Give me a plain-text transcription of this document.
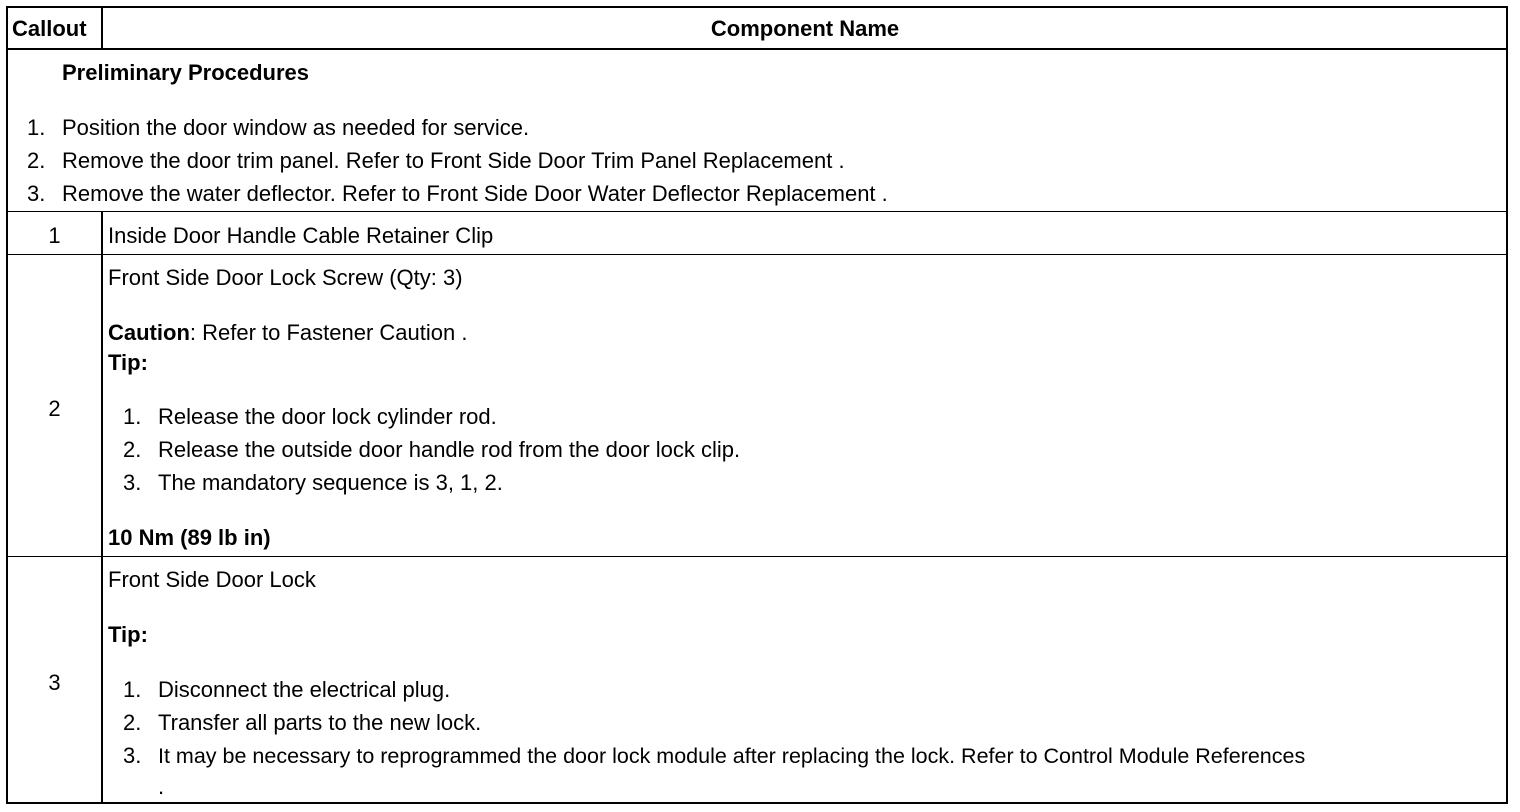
Callout	Component Name
Preliminary Procedures
1. Position the door window as needed for service.
2. Remove the door trim panel. Refer to Front Side Door Trim Panel Replacement .
3. Remove the water deflector. Refer to Front Side Door Water Deflector Replacement .
1	Inside Door Handle Cable Retainer Clip
2
Front Side Door Lock Screw (Qty: 3)
Caution: Refer to Fastener Caution .
Tip:
1. Release the door lock cylinder rod.
2. Release the outside door handle rod from the door lock clip.
3. The mandatory sequence is 3, 1, 2.
10 Nm (89 lb in)
3
Front Side Door Lock
Tip:
1. Disconnect the electrical plug.
2. Transfer all parts to the new lock.
3. It may be necessary to reprogrammed the door lock module after replacing the lock. Refer to Control Module References
.
